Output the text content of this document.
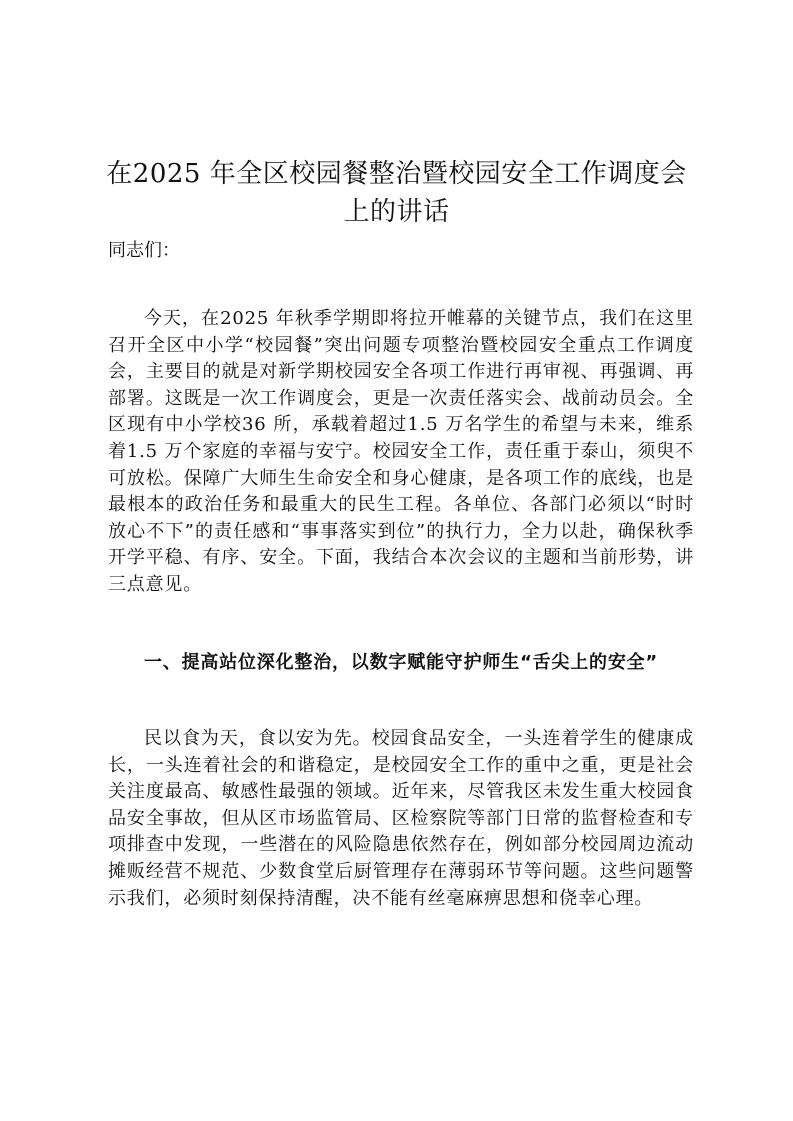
在2025 年全区校园餐整治暨校园安全工作调度会上的讲话
同志们：

今天，在2025 年秋季学期即将拉开帷幕的关键节点，我们在这里召开全区中小学“校园餐”突出问题专项整治暨校园安全重点工作调度会，主要目的就是对新学期校园安全各项工作进行再审视、再强调、再部署。这既是一次工作调度会，更是一次责任落实会、战前动员会。全区现有中小学校36 所，承载着超过1.5 万名学生的希望与未来，维系着1.5 万个家庭的幸福与安宁。校园安全工作，责任重于泰山，须臾不可放松。保障广大师生生命安全和身心健康，是各项工作的底线，也是最根本的政治任务和最重大的民生工程。各单位、各部门必须以“时时放心不下”的责任感和“事事落实到位”的执行力，全力以赴，确保秋季开学平稳、有序、安全。下面，我结合本次会议的主题和当前形势，讲三点意见。

一、提高站位深化整治，以数字赋能守护师生“舌尖上的安全”

民以食为天，食以安为先。校园食品安全，一头连着学生的健康成长，一头连着社会的和谐稳定，是校园安全工作的重中之重，更是社会关注度最高、敏感性最强的领域。近年来，尽管我区未发生重大校园食品安全事故，但从区市场监管局、区检察院等部门日常的监督检查和专项排查中发现，一些潜在的风险隐患依然存在，例如部分校园周边流动摊贩经营不规范、少数食堂后厨管理存在薄弱环节等问题。这些问题警示我们，必须时刻保持清醒，决不能有丝毫麻痹思想和侥幸心理。
